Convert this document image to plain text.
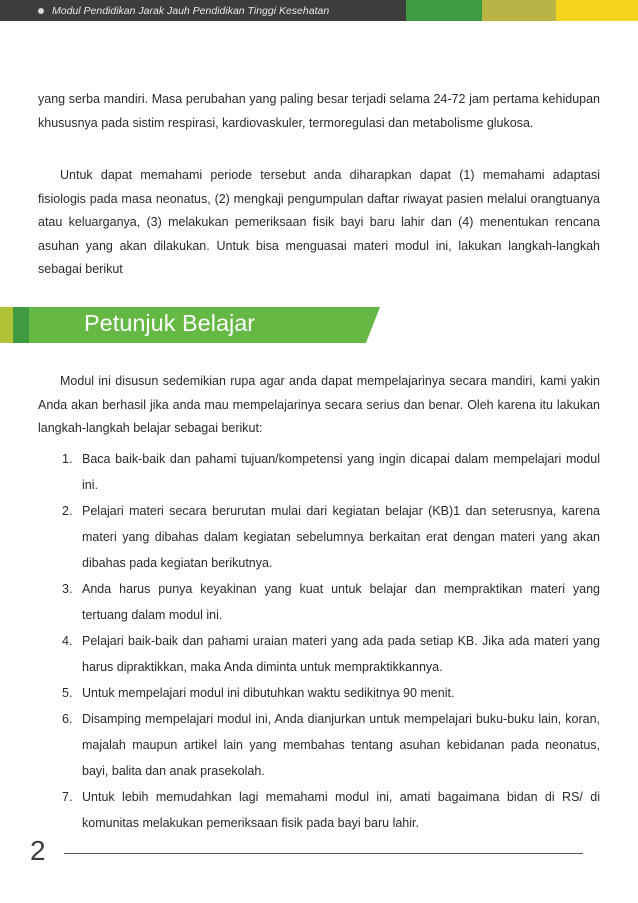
Modul Pendidikan Jarak Jauh Pendidikan Tinggi Kesehatan

yang serba mandiri. Masa perubahan yang paling besar terjadi selama 24-72 jam pertama kehidupan khususnya pada sistim respirasi, kardiovaskuler, termoregulasi dan metabolisme glukosa.

Untuk dapat memahami periode tersebut anda diharapkan dapat (1) memahami adaptasi fisiologis pada masa neonatus, (2) mengkaji pengumpulan daftar riwayat pasien melalui orangtuanya atau keluarganya, (3) melakukan pemeriksaan fisik bayi baru lahir dan (4) menentukan rencana asuhan yang akan dilakukan. Untuk bisa menguasai materi modul ini, lakukan langkah-langkah sebagai berikut

Petunjuk Belajar

Modul ini disusun sedemikian rupa agar anda dapat mempelajarinya secara mandiri, kami yakin Anda akan berhasil jika anda mau mempelajarinya secara serius dan benar. Oleh karena itu lakukan langkah-langkah belajar sebagai berikut:

1. Baca baik-baik dan pahami tujuan/kompetensi yang ingin dicapai dalam mempelajari modul ini.
2. Pelajari materi secara berurutan mulai dari kegiatan belajar (KB)1 dan seterusnya, karena materi yang dibahas dalam kegiatan sebelumnya berkaitan erat dengan materi yang akan dibahas pada kegiatan berikutnya.
3. Anda harus punya keyakinan yang kuat untuk belajar dan mempraktikan materi yang tertuang dalam modul ini.
4. Pelajari baik-baik dan pahami uraian materi yang ada pada setiap KB. Jika ada materi yang harus dipraktikkan, maka Anda diminta untuk mempraktikkannya.
5. Untuk mempelajari modul ini dibutuhkan waktu sedikitnya 90 menit.
6. Disamping mempelajari modul ini, Anda dianjurkan untuk mempelajari buku-buku lain, koran, majalah maupun artikel lain yang membahas tentang asuhan kebidanan pada neonatus, bayi, balita dan anak prasekolah.
7. Untuk lebih memudahkan lagi memahami modul ini, amati bagaimana bidan di RS/ di komunitas melakukan pemeriksaan fisik pada bayi baru lahir.
2
